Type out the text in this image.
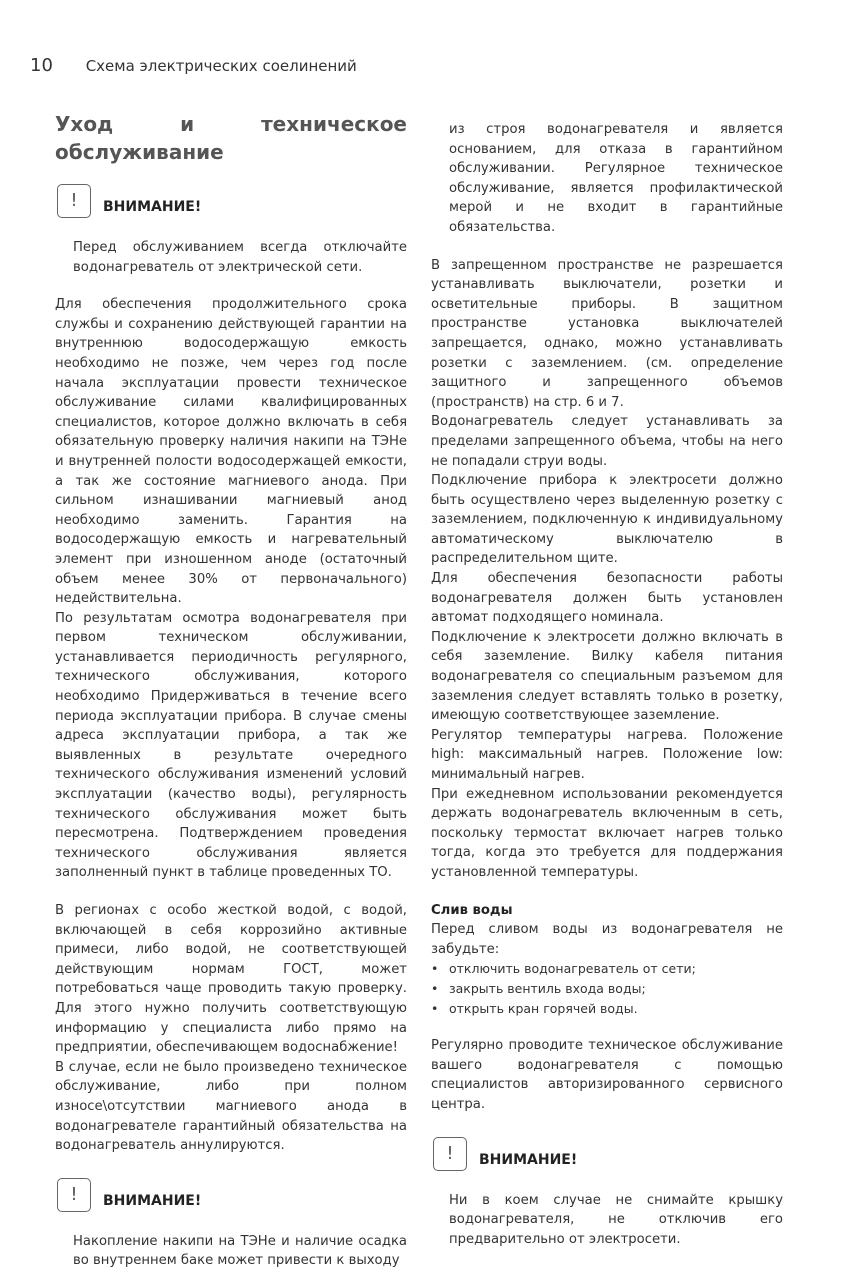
10 Схема электрических соелинений
Уход и техническое обслуживание
!	ВНИМАНИЕ!

Перед обслуживанием всегда отключайте водонагреватель от электрической сети.

Для обеспечения продолжительного срока службы и сохранению действующей гарантии на внутреннюю водосодержащую емкость необходимо не позже, чем через год после начала эксплуатации провести техническое обслуживание силами квалифицированных специалистов, которое должно включать в себя обязательную проверку наличия накипи на ТЭНе и внутренней полости водосодержащей емкости, а так же состояние магниевого анода. При сильном изнашивании магниевый анод необходимо заменить. Гарантия на водосодержащую емкость и нагревательный элемент при изношенном аноде (остаточный объем менее 30% от первоначального) недействительна.

По результатам осмотра водонагревателя при первом техническом обслуживании, устанавливается периодичность регулярного, технического обслуживания, которого необходимо Придерживаться в течение всего периода эксплуатации прибора. В случае смены адреса эксплуатации прибора, а так же выявленных в результате очередного технического обслуживания изменений условий эксплуатации (качество воды), регулярность технического обслуживания может быть пересмотрена. Подтверждением проведения технического обслуживания является заполненный пункт в таблице проведенных ТО.

В регионах с особо жесткой водой, с водой, включающей в себя коррозийно активные примеси, либо водой, не соответствующей действующим нормам ГОСТ, может потребоваться чаще проводить такую проверку. Для этого нужно получить соответствующую информацию у специалиста либо прямо на предприятии, обеспечивающем водоснабжение!

В случае, если не было произведено техническое обслуживание, либо при полном износе\отсутствии магниевого анода в водонагревателе гарантийный обязательства на водонагреватель аннулируются.

!	ВНИМАНИЕ!

Накопление накипи на ТЭНе и наличие осадка во внутреннем баке может привести к выходу

из строя водонагревателя и является основанием, для отказа в гарантийном обслуживании. Регулярное техническое обслуживание, является профилактической мерой и не входит в гарантийные обязательства.

В запрещенном пространстве не разрешается устанавливать выключатели, розетки и осветительные приборы. В защитном пространстве установка выключателей запрещается, однако, можно устанавливать розетки с заземлением. (см. определение защитного и запрещенного объемов (пространств) на стр. 6 и 7.

Водонагреватель следует устанавливать за пределами запрещенного объема, чтобы на него не попадали струи воды.

Подключение прибора к электросети должно быть осуществлено через выделенную розетку с заземлением, подключенную к индивидуальному автоматическому выключателю в распределительном щите.

Для обеспечения безопасности работы водонагревателя должен быть установлен автомат подходящего номинала.

Подключение к электросети должно включать в себя заземление. Вилку кабеля питания водонагревателя со специальным разъемом для заземления следует вставлять только в розетку, имеющую соответствующее заземление.

Регулятор температуры нагрева. Положение high: максимальный нагрев. Положение low: минимальный нагрев.

При ежедневном использовании рекомендуется держать водонагреватель включенным в сеть, поскольку термостат включает нагрев только тогда, когда это требуется для поддержания установленной температуры.

Слив воды

Перед сливом воды из водонагревателя не забудьте:

• отключить водонагреватель от сети;
• закрыть вентиль входа воды;
• открыть кран горячей воды.

Регулярно проводите техническое обслуживание вашего водонагревателя с помощью специалистов авторизированного сервисного центра.

!	ВНИМАНИЕ!

Ни в коем случае не снимайте крышку водонагревателя, не отключив его предварительно от электросети.
